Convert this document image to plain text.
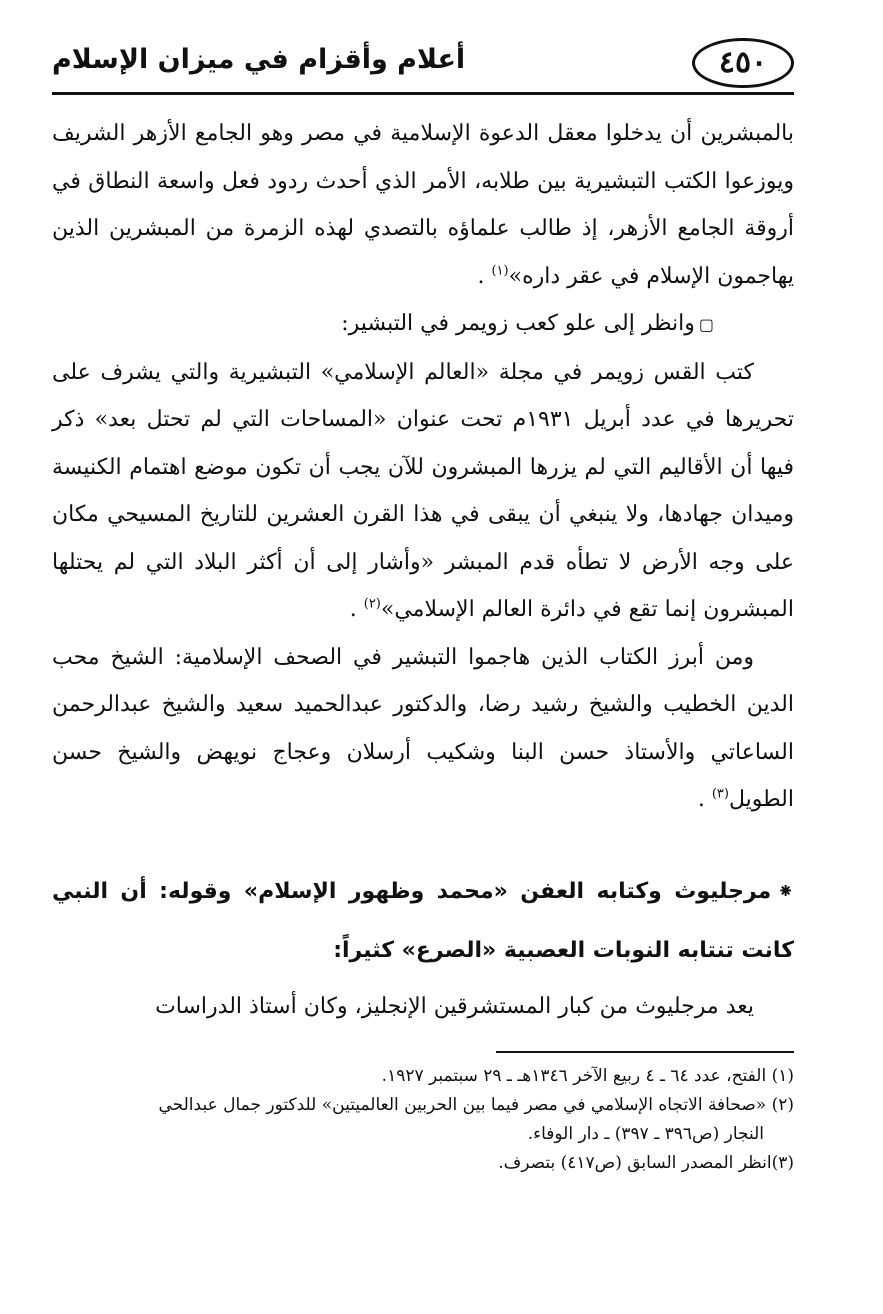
٤٥٠
أعلام وأقزام في ميزان الإسلام

بالمبشرين أن يدخلوا معقل الدعوة الإسلامية في مصر وهو الجامع الأزهر الشريف ويوزعوا الكتب التبشيرية بين طلابه، الأمر الذي أحدث ردود فعل واسعة النطاق في أروقة الجامع الأزهر، إذ طالب علماؤه بالتصدي لهذه الزمرة من المبشرين الذين يهاجمون الإسلام في عقر داره»$^{(١)}$ .

▢وانظر إلى علو كعب زويمر في التبشير:

كتب القس زويمر في مجلة «العالم الإسلامي» التبشيرية والتي يشرف على تحريرها في عدد أبريل ١٩٣١م تحت عنوان «المساحات التي لم تحتل بعد» ذكر فيها أن الأقاليم التي لم يزرها المبشرون للآن يجب أن تكون موضع اهتمام الكنيسة وميدان جهادها، ولا ينبغي أن يبقى في هذا القرن العشرين للتاريخ المسيحي مكان على وجه الأرض لا تطأه قدم المبشر «وأشار إلى أن أكثر البلاد التي لم يحتلها المبشرون إنما تقع في دائرة العالم الإسلامي»$^{(٢)}$ .

ومن أبرز الكتاب الذين هاجموا التبشير في الصحف الإسلامية: الشيخ محب الدين الخطيب والشيخ رشيد رضا، والدكتور عبدالحميد سعيد والشيخ عبدالرحمن الساعاتي والأستاذ حسن البنا وشكيب أرسلان وعجاج نويهض والشيخ حسن الطويل$^{(٣)}$ .

⁕مرجليوث وكتابه العفن «محمد وظهور الإسلام» وقوله: أن النبي كانت تنتابه النوبات العصبية «الصرع» كثيراً:

يعد مرجليوث من كبار المستشرقين الإنجليز، وكان أستاذ الدراسات

(١) الفتح، عدد ٦٤ ـ ٤ ربيع الآخر ١٣٤٦هـ ـ ٢٩ سبتمبر ١٩٢٧.

(٢) «صحافة الاتجاه الإسلامي في مصر فيما بين الحربين العالميتين» للدكتور جمال عبدالحي

النجار (ص٣٩٦ ـ ٣٩٧) ـ دار الوفاء.

(٣)انظر المصدر السابق (ص٤١٧) بتصرف.
